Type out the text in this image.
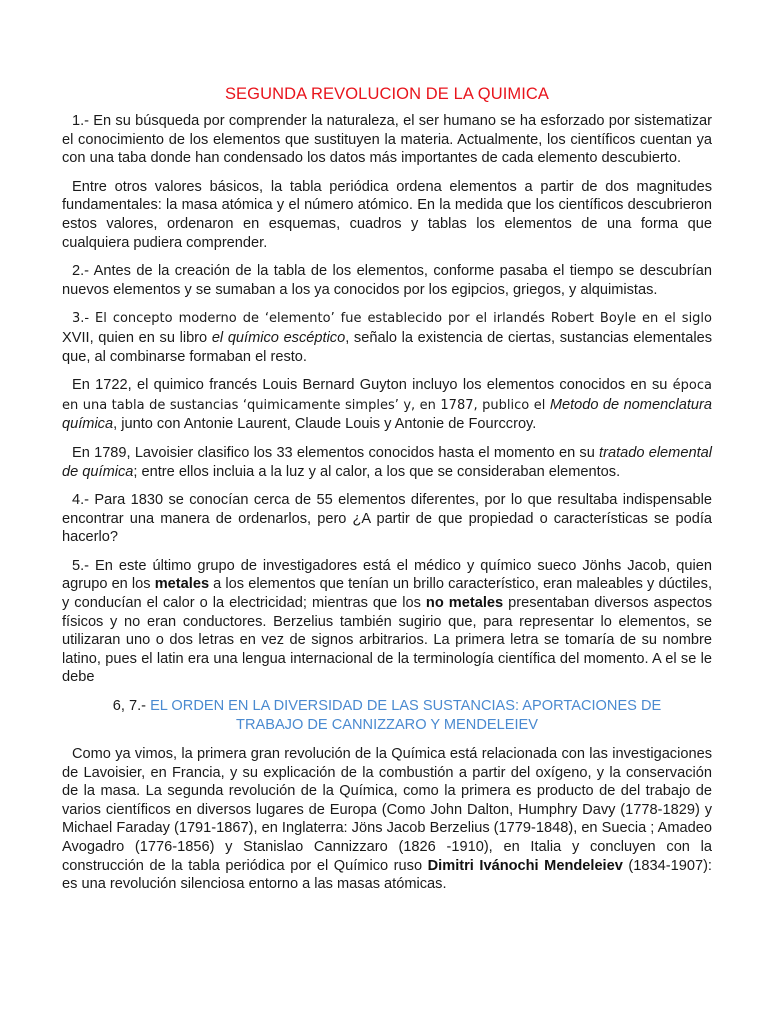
SEGUNDA REVOLUCION DE LA QUIMICA

1.- En su búsqueda por comprender la naturaleza, el ser humano se ha esforzado por sistematizar el conocimiento de los elementos que sustituyen la materia. Actualmente, los científicos cuentan ya con una taba donde han condensado los datos más importantes de cada elemento descubierto.

Entre otros valores básicos, la tabla periódica ordena elementos a partir de dos magnitudes fundamentales: la masa atómica y el número atómico. En la medida que los científicos descubrieron estos valores, ordenaron en esquemas, cuadros y tablas los elementos de una forma que cualquiera pudiera comprender.

2.- Antes de la creación de la tabla de los elementos, conforme pasaba el tiempo se descubrían nuevos elementos y se sumaban a los ya conocidos por los egipcios, griegos, y alquimistas.

3.- El concepto moderno de ‘elemento’ fue establecido por el irlandés Robert Boyle en el siglo XVII, quien en su libro el químico escéptico, señalo la existencia de ciertas, sustancias elementales que, al combinarse formaban el resto.

En 1722, el quimico francés Louis Bernard Guyton incluyo los elementos conocidos en su época en una tabla de sustancias ‘quimicamente simples’ y, en 1787, publico el Metodo de nomenclatura química, junto con Antonie Laurent, Claude Louis y Antonie de Fourccroy.

En 1789, Lavoisier clasifico los 33 elementos conocidos hasta el momento en su tratado elemental de química; entre ellos incluia a la luz y al calor, a los que se consideraban elementos.

4.- Para 1830 se conocían cerca de 55 elementos diferentes, por lo que resultaba indispensable encontrar una manera de ordenarlos, pero ¿A partir de que propiedad o características se podía hacerlo?

5.- En este último grupo de investigadores está el médico y químico sueco Jönhs Jacob, quien agrupo en los metales a los elementos que tenían un brillo característico, eran maleables y dúctiles, y conducían el calor o la electricidad; mientras que los no metales presentaban diversos aspectos físicos y no eran conductores. Berzelius también sugirio que, para representar lo elementos, se utilizaran uno o dos letras en vez de signos arbitrarios. La primera letra se tomaría de su nombre latino, pues el latin era una lengua internacional de la terminología científica del momento. A el se le debe

6, 7.- EL ORDEN EN LA DIVERSIDAD DE LAS SUSTANCIAS: APORTACIONES DE
TRABAJO DE CANNIZZARO Y MENDELEIEV

Como ya vimos, la primera gran revolución de la Química está relacionada con las investigaciones de Lavoisier, en Francia, y su explicación de la combustión a partir del oxígeno, y la conservación de la masa. La segunda revolución de la Química, como la primera es producto de del trabajo de varios científicos en diversos lugares de Europa (Como John Dalton, Humphry Davy (1778-1829) y Michael Faraday (1791-1867), en Inglaterra: Jöns Jacob Berzelius (1779-1848), en Suecia ; Amadeo Avogadro (1776-1856) y Stanislao Cannizzaro (1826 -1910), en Italia y concluyen con la construcción de la tabla periódica por el Químico ruso Dimitri Ivánochi Mendeleiev (1834-1907): es una revolución silenciosa entorno a las masas atómicas.
